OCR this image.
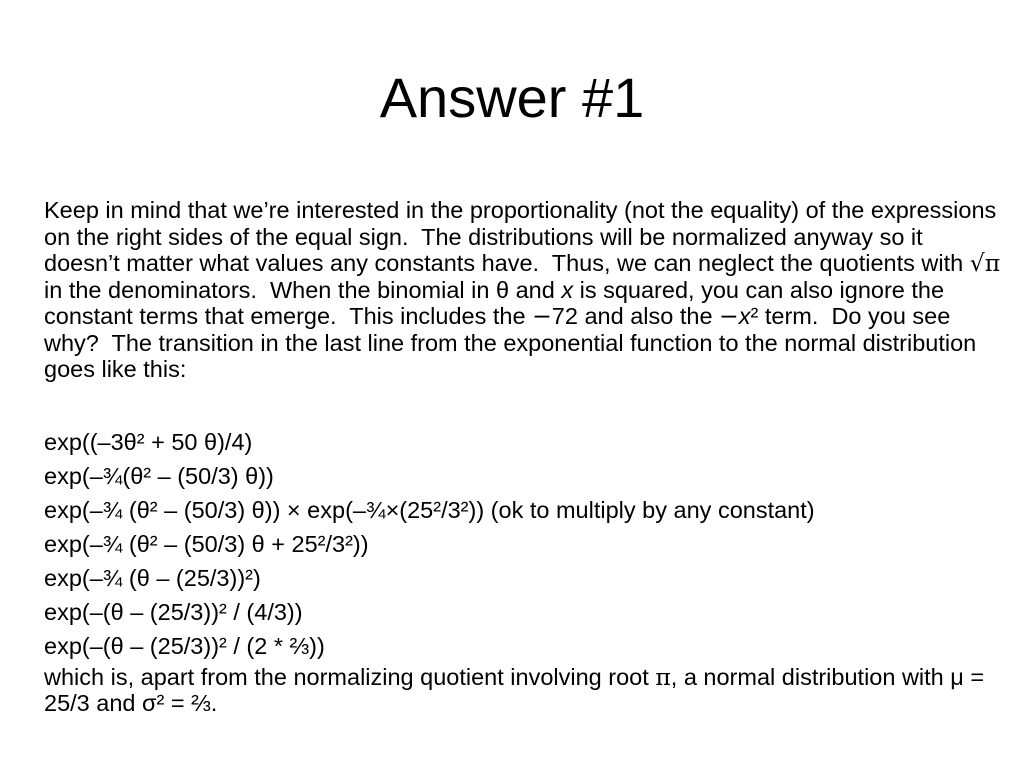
Answer #1

Keep in mind that we’re interested in the proportionality (not the equality) of the expressions on the right sides of the equal sign.  The distributions will be normalized anyway so it doesn’t matter what values any constants have.  Thus, we can neglect the quotients with √π in the denominators.  When the binomial in θ and x is squared, you can also ignore the constant terms that emerge.  This includes the −72 and also the −x² term.  Do you see why?  The transition in the last line from the exponential function to the normal distribution goes like this:

exp((–3θ² + 50 θ)/4)
exp(–¾(θ² – (50/3) θ))
exp(–¾ (θ² – (50/3) θ)) × exp(–¾×(25²/3²)) (ok to multiply by any constant)
exp(–¾ (θ² – (50/3) θ + 25²/3²))
exp(–¾ (θ – (25/3))²)
exp(–(θ – (25/3))² / (4/3))
exp(–(θ – (25/3))² / (2 * ⅔))
which is, apart from the normalizing quotient involving root π, a normal distribution with μ = 25/3 and σ² = ⅔.
